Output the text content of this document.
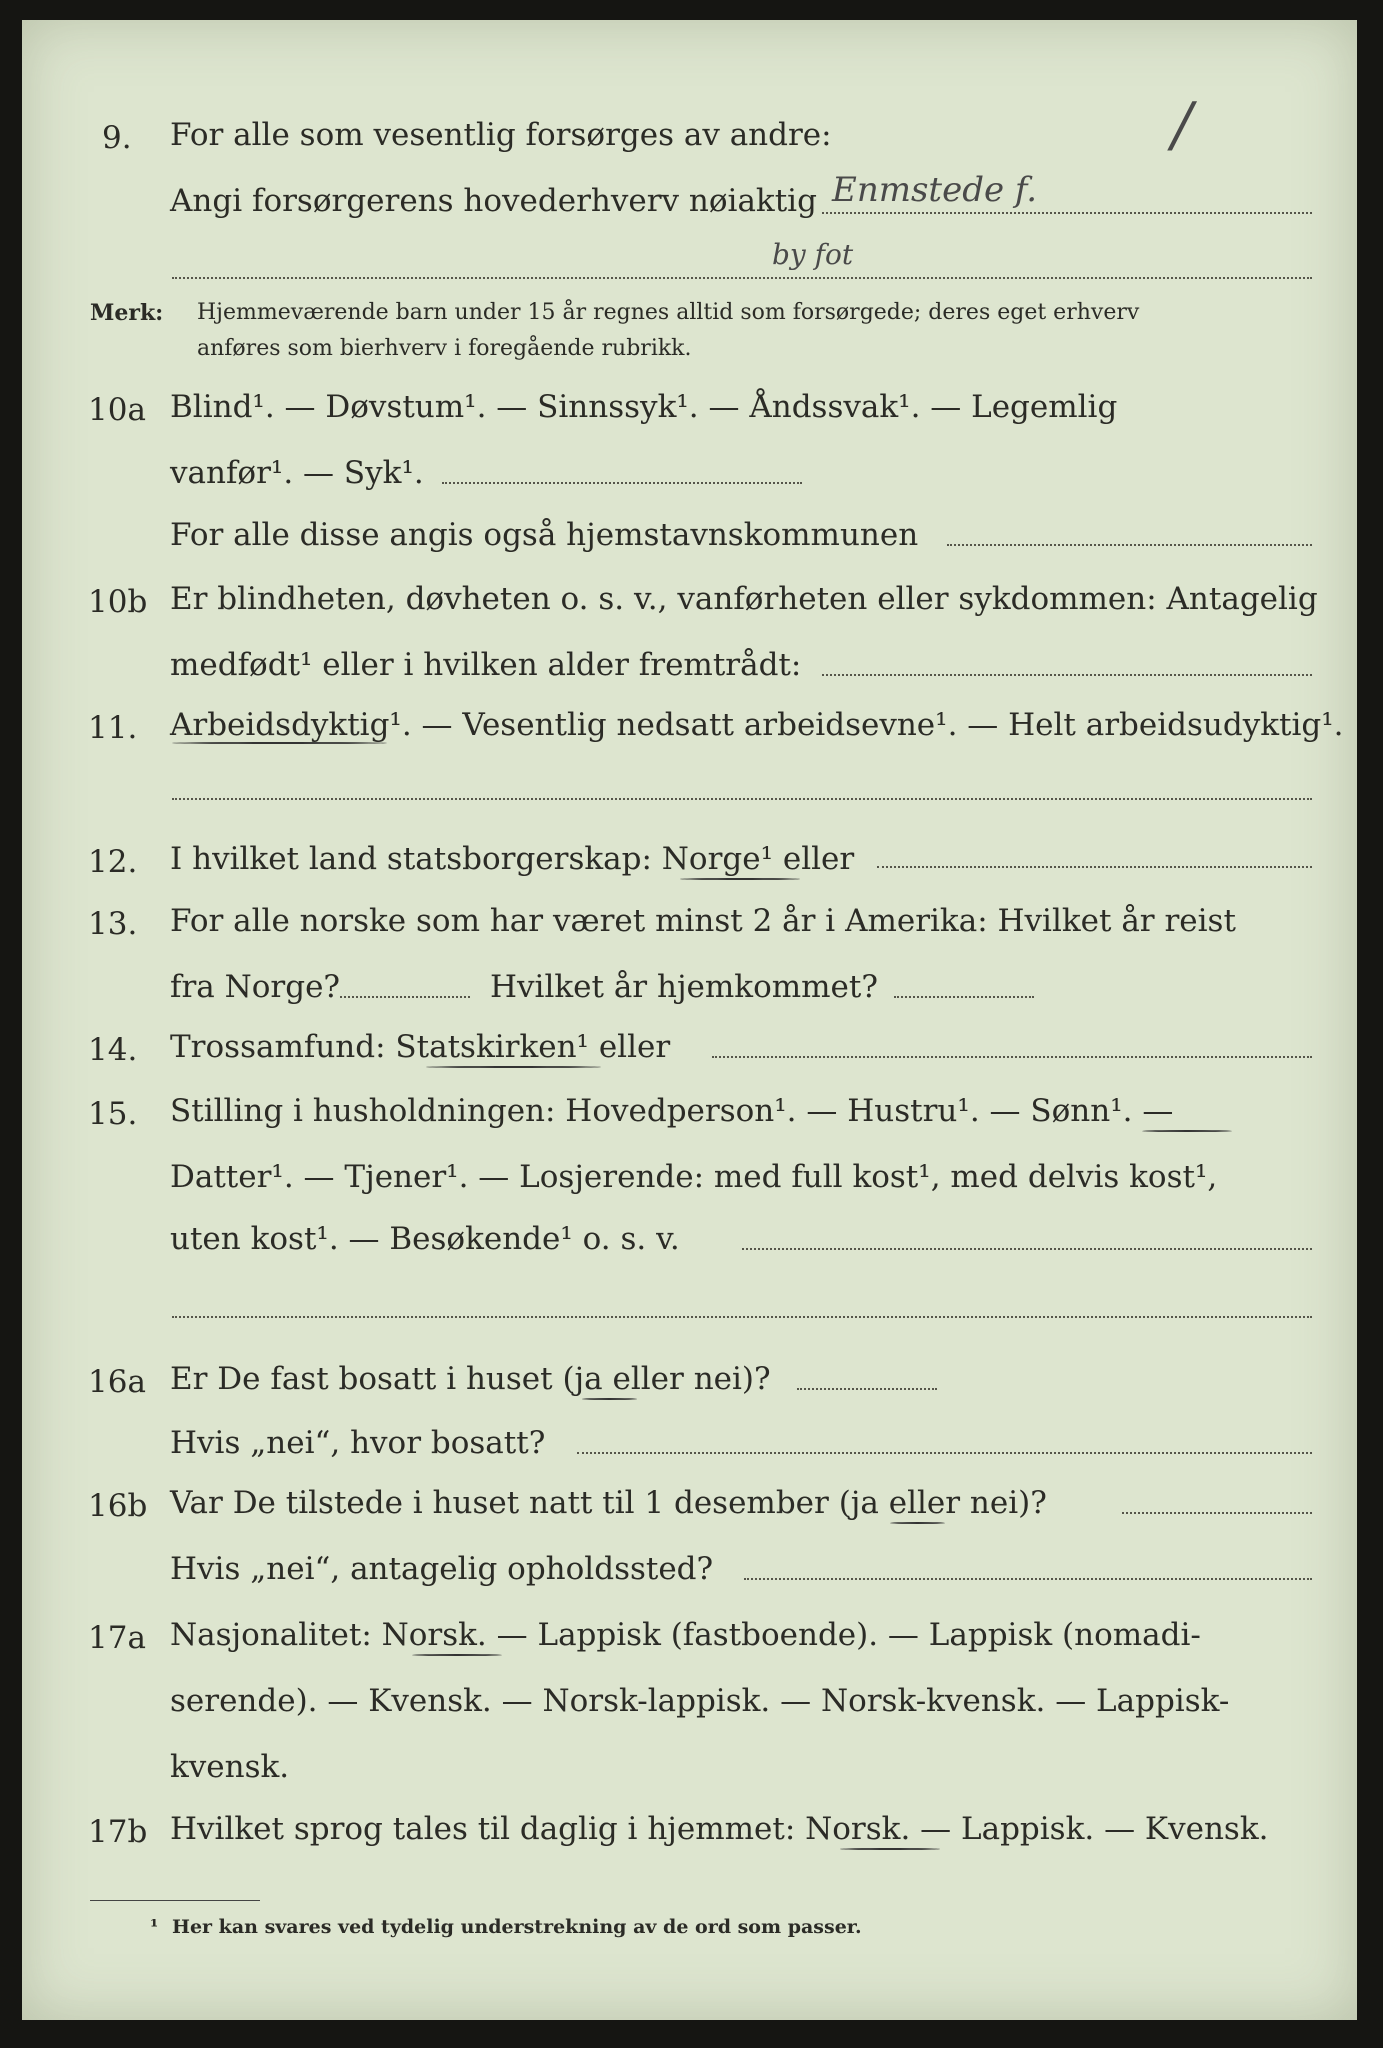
9. For alle som vesentlig forsørges av andre:
Angi forsørgerens hovederhverv nøiaktig Enmstede f.
by fot
/
Merk: Hjemmeværende barn under 15 år regnes alltid som forsørgede; deres eget erhverv
anføres som bierhverv i foregående rubrikk.
10a Blind¹. — Døvstum¹. — Sinnssyk¹. — Åndssvak¹. — Legemlig
vanfør¹. — Syk¹.
For alle disse angis også hjemstavnskommunen
10b Er blindheten, døvheten o. s. v., vanførheten eller sykdommen: Antagelig
medfødt¹ eller i hvilken alder fremtrådt:
11. Arbeidsdyktig¹. — Vesentlig nedsatt arbeidsevne¹. — Helt arbeidsudyktig¹.
12. I hvilket land statsborgerskap: Norge¹ eller
13. For alle norske som har været minst 2 år i Amerika: Hvilket år reist
fra Norge?	Hvilket år hjemkommet?
14. Trossamfund: Statskirken¹ eller
15. Stilling i husholdningen: Hovedperson¹. — Hustru¹. — Sønn¹. —
Datter¹. — Tjener¹. — Losjerende: med full kost¹, med delvis kost¹,
uten kost¹. — Besøkende¹ o. s. v.
16a Er De fast bosatt i huset (ja eller nei)?
Hvis „nei“, hvor bosatt?
16b Var De tilstede i huset natt til 1 desember (ja eller nei)?
Hvis „nei“, antagelig opholdssted?
17a Nasjonalitet: Norsk. — Lappisk (fastboende). — Lappisk (nomadi-
serende). — Kvensk. — Norsk-lappisk. — Norsk-kvensk. — Lappisk-
kvensk.
17b Hvilket sprog tales til daglig i hjemmet: Norsk. — Lappisk. — Kvensk.
¹ Her kan svares ved tydelig understrekning av de ord som passer.
